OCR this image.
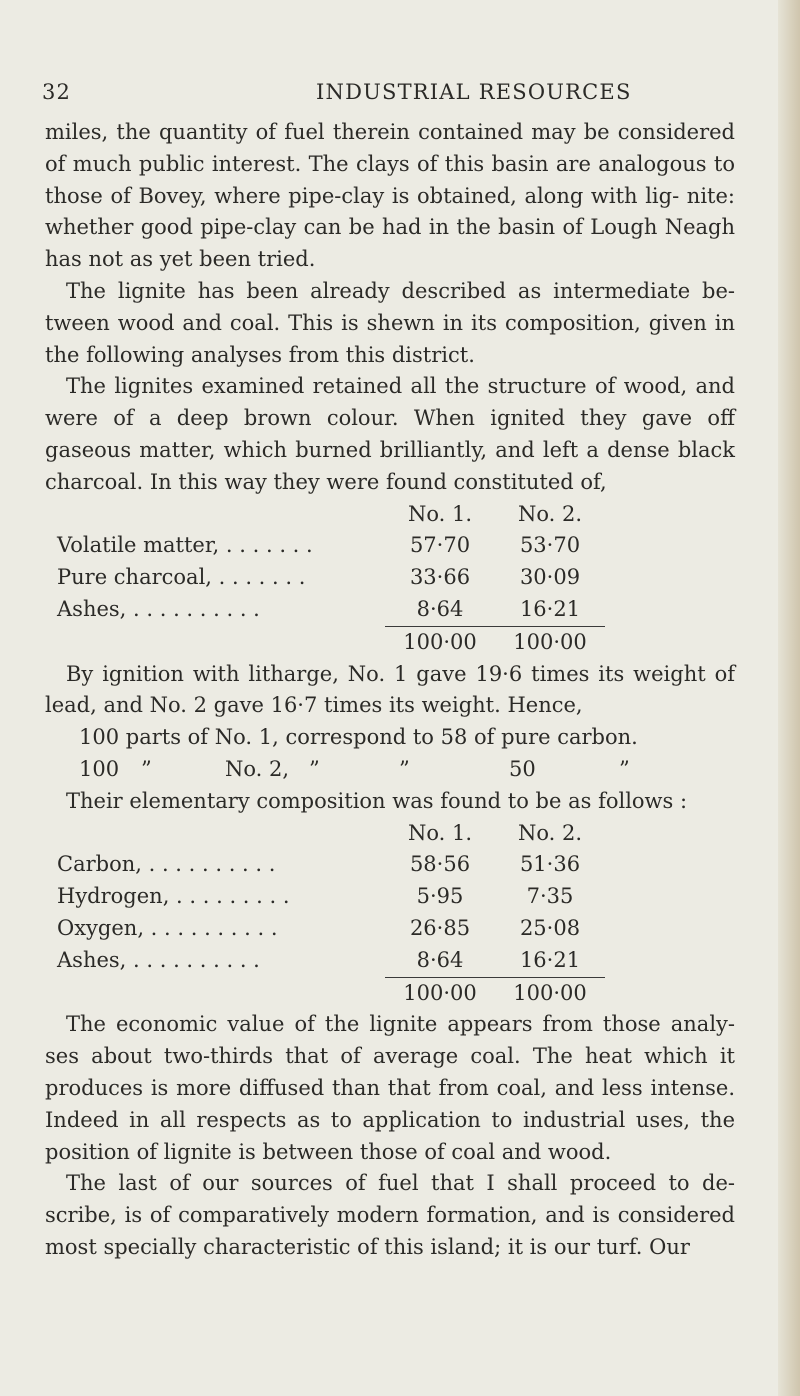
32	INDUSTRIAL RESOURCES

miles, the quantity of fuel therein contained may be considered of much public interest. The clays of this basin are analogous to those of Bovey, where pipe-clay is obtained, along with lig- nite: whether good pipe-clay can be had in the basin of Lough Neagh has not as yet been tried.

The lignite has been already described as intermediate be- tween wood and coal. This is shewn in its composition, given in the following analyses from this district.

The lignites examined retained all the structure of wood, and were of a deep brown colour. When ignited they gave off gaseous matter, which burned brilliantly, and left a dense black charcoal. In this way they were found constituted of,

	No. 1.	No. 2.
Volatile matter, . . . . . . .	57·70	53·70
Pure charcoal, . . . . . . .	33·66	30·09
Ashes, . . . . . . . . . .	8·64	16·21
	100·00	100·00

By ignition with litharge, No. 1 gave 19·6 times its weight of lead, and No. 2 gave 16·7 times its weight. Hence,

100 parts of No. 1, correspond to 58 of pure carbon.

100	”	No. 2, ”	”	50	”

Their elementary composition was found to be as follows :

	No. 1.	No. 2.
Carbon, . . . . . . . . . .	58·56	51·36
Hydrogen, . . . . . . . . .	5·95	7·35
Oxygen, . . . . . . . . . .	26·85	25·08
Ashes, . . . . . . . . . .	8·64	16·21
	100·00	100·00

The economic value of the lignite appears from those analy- ses about two-thirds that of average coal. The heat which it produces is more diffused than that from coal, and less intense. Indeed in all respects as to application to industrial uses, the position of lignite is between those of coal and wood.

The last of our sources of fuel that I shall proceed to de- scribe, is of comparatively modern formation, and is considered most specially characteristic of this island; it is our turf. Our
